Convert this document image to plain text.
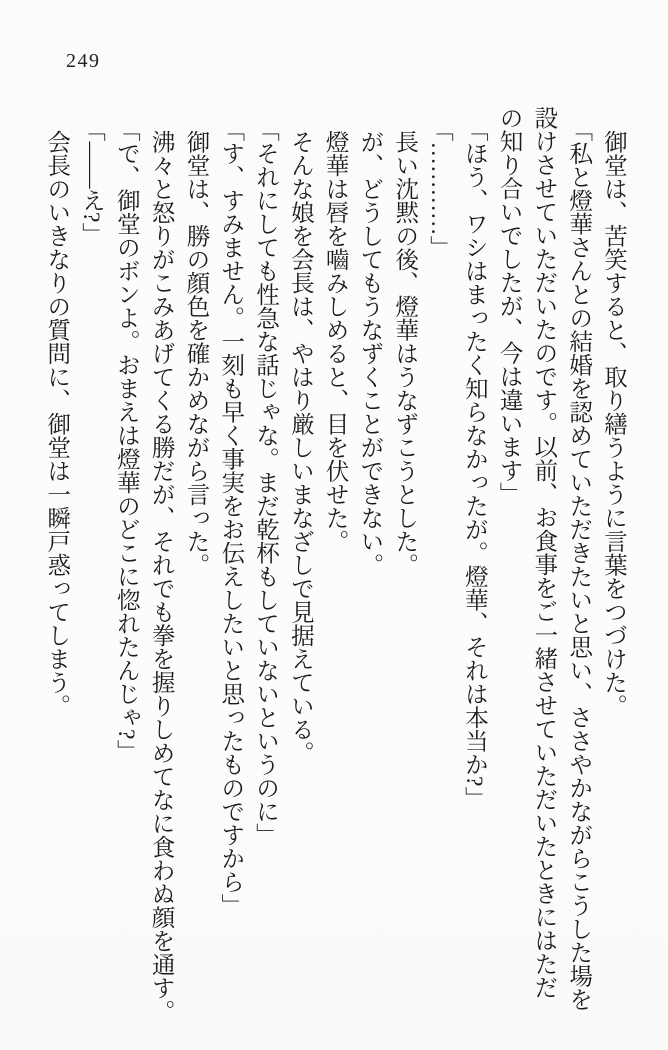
249
御堂は、苦笑すると、取り繕うように言葉をつづけた。
「私と燈華さんとの結婚を認めていただきたいと思い、ささやかながらこうした場を
設けさせていただいたのです。以前、お食事をご一緒させていただいたときにはただ
の知り合いでしたが、今は違います」
「ほう、ワシはまったく知らなかったが。燈華、それは本当か?」
「…………」
長い沈黙の後、燈華はうなずこうとした。
が、どうしてもうなずくことができない。
燈華は唇を嚙みしめると、目を伏せた。
そんな娘を会長は、やはり厳しいまなざしで見据えている。
「それにしても性急な話じゃな。まだ乾杯もしていないというのに」
「す、すみません。一刻も早く事実をお伝えしたいと思ったものですから」
御堂は、勝の顔色を確かめながら言った。
沸々と怒りがこみあげてくる勝だが、それでも拳を握りしめてなに食わぬ顔を通す。
「で、御堂のボンよ。おまえは燈華のどこに惚れたんじゃ?」
「――え?」
会長のいきなりの質問に、御堂は一瞬戸惑ってしまう。
